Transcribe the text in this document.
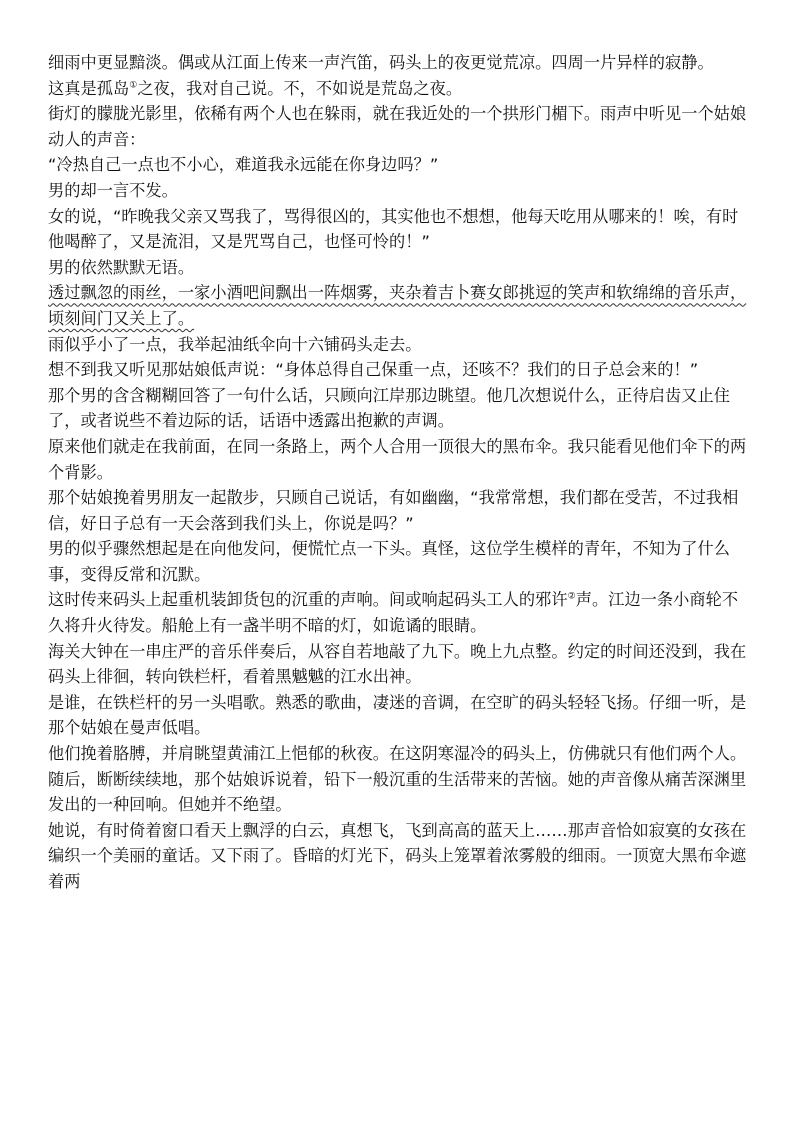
细雨中更显黯淡。偶或从江面上传来一声汽笛，码头上的夜更觉荒凉。四周一片异样的寂静。

这真是孤岛①之夜，我对自己说。不，不如说是荒岛之夜。

街灯的朦胧光影里，依稀有两个人也在躲雨，就在我近处的一个拱形门楣下。雨声中听见一个姑娘动人的声音：

“冷热自己一点也不小心，难道我永远能在你身边吗？”

男的却一言不发。

女的说，“昨晚我父亲又骂我了，骂得很凶的，其实他也不想想，他每天吃用从哪来的！唉，有时他喝醉了，又是流泪，又是咒骂自己，也怪可怜的！”

男的依然默默无语。

透过飘忽的雨丝，一家小酒吧间飘出一阵烟雾，夹杂着吉卜赛女郎挑逗的笑声和软绵绵的音乐声，顷刻间门又关上了。

雨似乎小了一点，我举起油纸伞向十六铺码头走去。

想不到我又听见那姑娘低声说：“身体总得自己保重一点，还咳不？我们的日子总会来的！”

那个男的含含糊糊回答了一句什么话，只顾向江岸那边眺望。他几次想说什么，正待启齿又止住了，或者说些不着边际的话，话语中透露出抱歉的声调。

原来他们就走在我前面，在同一条路上，两个人合用一顶很大的黑布伞。我只能看见他们伞下的两个背影。

那个姑娘挽着男朋友一起散步，只顾自己说话，有如幽幽，“我常常想，我们都在受苦，不过我相信，好日子总有一天会落到我们头上，你说是吗？”

男的似乎骤然想起是在向他发问，便慌忙点一下头。真怪，这位学生模样的青年，不知为了什么事，变得反常和沉默。

这时传来码头上起重机装卸货包的沉重的声响。间或响起码头工人的邪许②声。江边一条小商轮不久将升火待发。船舱上有一盏半明不暗的灯，如诡谲的眼睛。

海关大钟在一串庄严的音乐伴奏后，从容自若地敲了九下。晚上九点整。约定的时间还没到，我在码头上徘徊，转向铁栏杆，看着黑魆魆的江水出神。

是谁，在铁栏杆的另一头唱歌。熟悉的歌曲，凄迷的音调，在空旷的码头轻轻飞扬。仔细一听，是那个姑娘在曼声低唱。

他们挽着胳膊，并肩眺望黄浦江上悒郁的秋夜。在这阴寒湿冷的码头上，仿佛就只有他们两个人。随后，断断续续地，那个姑娘诉说着，铅下一般沉重的生活带来的苦恼。她的声音像从痛苦深渊里发出的一种回响。但她并不绝望。

她说，有时倚着窗口看天上飘浮的白云，真想飞，飞到高高的蓝天上……那声音恰如寂寞的女孩在编织一个美丽的童话。又下雨了。昏暗的灯光下，码头上笼罩着浓雾般的细雨。一顶宽大黑布伞遮着两
